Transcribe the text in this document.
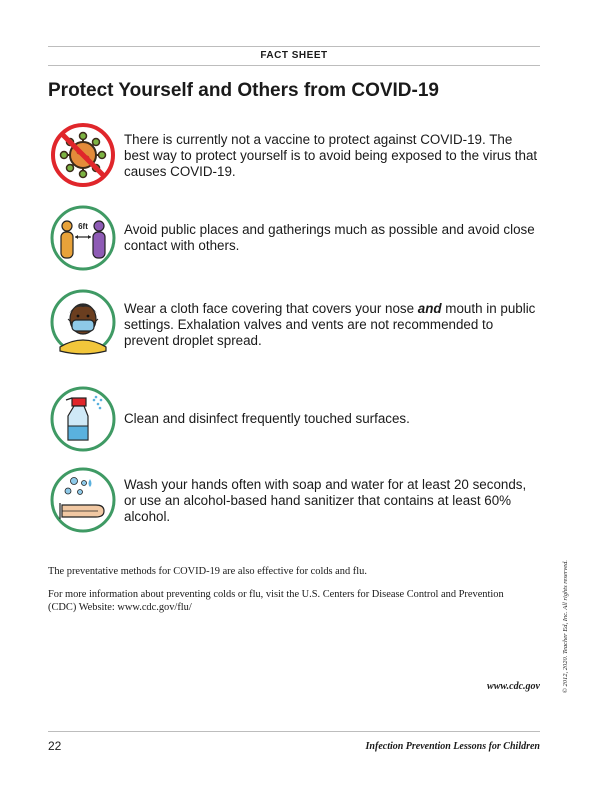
FACT SHEET
Protect Yourself and Others from COVID-19
There is currently not a vaccine to protect against COVID-19. The best way to protect yourself is to avoid being exposed to the virus that causes COVID-19.
6ft	Avoid public places and gatherings much as possible and avoid close contact with others.
Wear a cloth face covering that covers your nose and mouth in public settings. Exhalation valves and vents are not recommended to prevent droplet spread.
Clean and disinfect frequently touched surfaces.
Wash your hands often with soap and water for at least 20 seconds, or use an alcohol-based hand sanitizer that contains at least 60% alcohol.
The preventative methods for COVID-19 are also effective for colds and flu.
For more information about preventing colds or flu, visit the U.S. Centers for Disease Control and Prevention (CDC) Website: www.cdc.gov/flu/
www.cdc.gov	© 2012, 2020. Teacher Ed, Inc. All rights reserved.
22	Infection Prevention Lessons for Children
